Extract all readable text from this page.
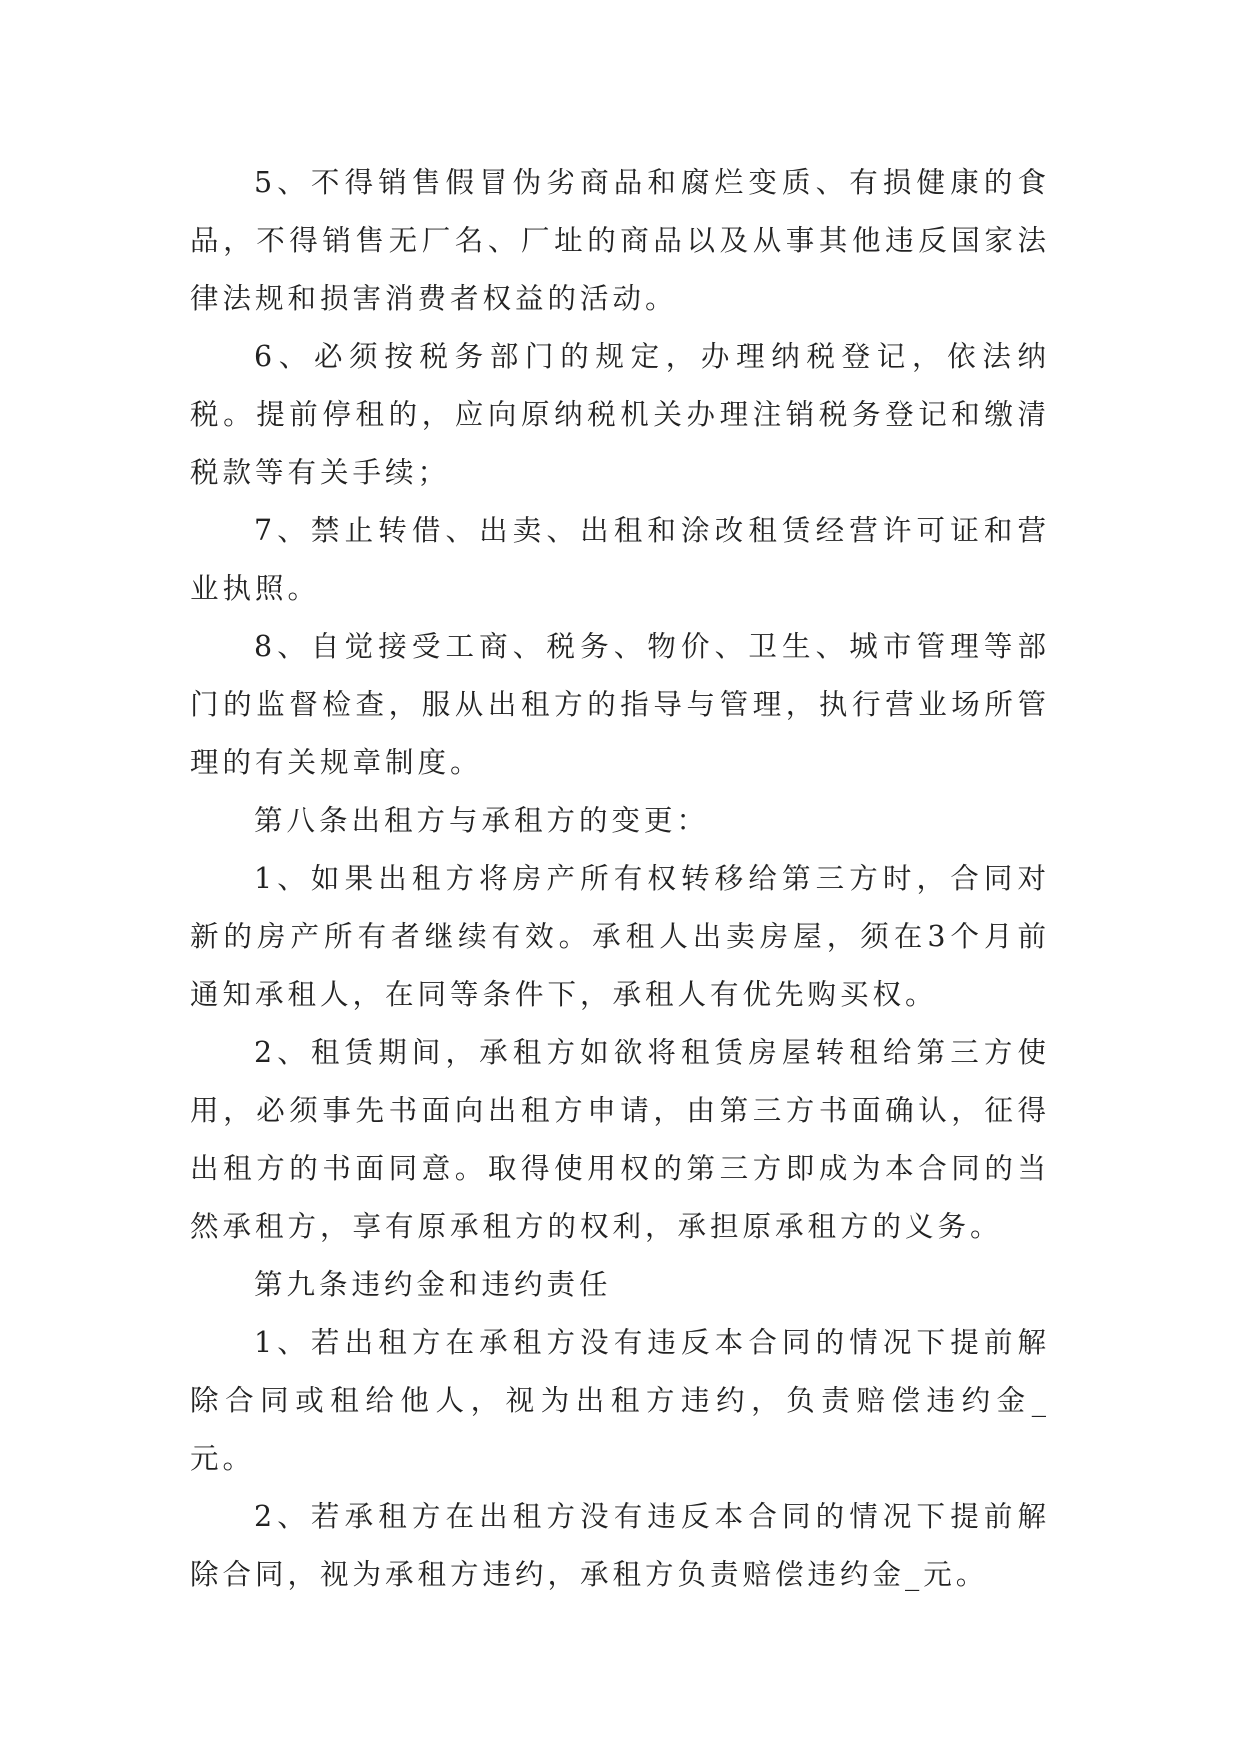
5、不得销售假冒伪劣商品和腐烂变质、有损健康的食品，不得销售无厂名、厂址的商品以及从事其他违反国家法律法规和损害消费者权益的活动。

6、必须按税务部门的规定，办理纳税登记，依法纳税。提前停租的，应向原纳税机关办理注销税务登记和缴清税款等有关手续；

7、禁止转借、出卖、出租和涂改租赁经营许可证和营业执照。

8、自觉接受工商、税务、物价、卫生、城市管理等部门的监督检查，服从出租方的指导与管理，执行营业场所管理的有关规章制度。

第八条出租方与承租方的变更：

1、如果出租方将房产所有权转移给第三方时，合同对新的房产所有者继续有效。承租人出卖房屋，须在3个月前通知承租人，在同等条件下，承租人有优先购买权。

2、租赁期间，承租方如欲将租赁房屋转租给第三方使用，必须事先书面向出租方申请，由第三方书面确认，征得出租方的书面同意。取得使用权的第三方即成为本合同的当然承租方，享有原承租方的权利，承担原承租方的义务。

第九条违约金和违约责任

1、若出租方在承租方没有违反本合同的情况下提前解除合同或租给他人，视为出租方违约，负责赔偿违约金_元。

2、若承租方在出租方没有违反本合同的情况下提前解除合同，视为承租方违约，承租方负责赔偿违约金_元。
